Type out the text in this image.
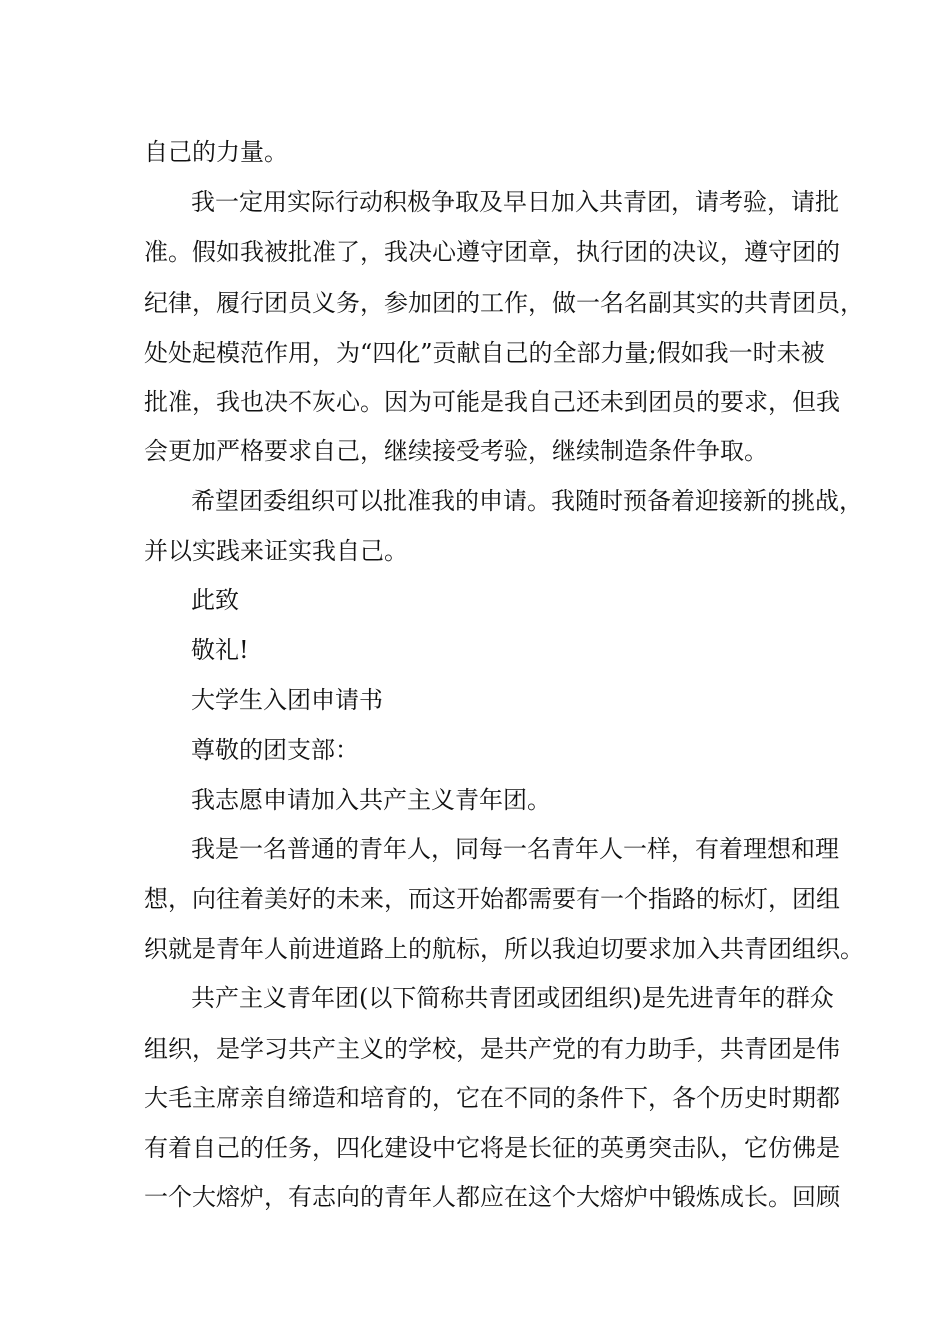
自己的力量。

我一定用实际行动积极争取及早日加入共青团，请考验，请批

准。假如我被批准了，我决心遵守团章，执行团的决议，遵守团的

纪律，履行团员义务，参加团的工作，做一名名副其实的共青团员，

处处起模范作用，为“四化”贡献自己的全部力量;假如我一时未被

批准，我也决不灰心。因为可能是我自己还未到团员的要求，但我

会更加严格要求自己，继续接受考验，继续制造条件争取。

希望团委组织可以批准我的申请。我随时预备着迎接新的挑战，

并以实践来证实我自己。

此致

敬礼!

大学生入团申请书

尊敬的团支部：

我志愿申请加入共产主义青年团。

我是一名普通的青年人，同每一名青年人一样，有着理想和理

想，向往着美好的未来，而这开始都需要有一个指路的标灯，团组

织就是青年人前进道路上的航标，所以我迫切要求加入共青团组织。

共产主义青年团(以下简称共青团或团组织)是先进青年的群众

组织，是学习共产主义的学校，是共产党的有力助手，共青团是伟

大毛主席亲自缔造和培育的，它在不同的条件下，各个历史时期都

有着自己的任务，四化建设中它将是长征的英勇突击队，它仿佛是

一个大熔炉，有志向的青年人都应在这个大熔炉中锻炼成长。回顾
